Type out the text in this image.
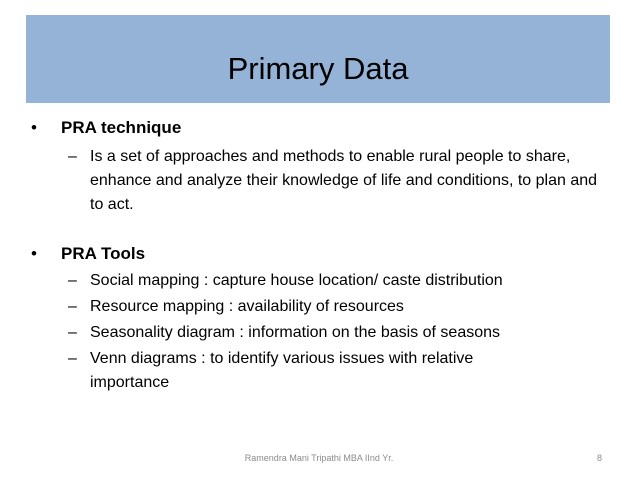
Primary Data
• PRA technique
– Is a set of approaches and methods to enable rural people to share, enhance and analyze their knowledge of life and conditions, to plan and to act.
• PRA Tools
– Social mapping : capture house location/ caste distribution
– Resource mapping : availability of resources
– Seasonality diagram : information on the basis of seasons
– Venn diagrams : to identify various issues with relative importance
Ramendra Mani Tripathi MBA IInd Yr.	8
